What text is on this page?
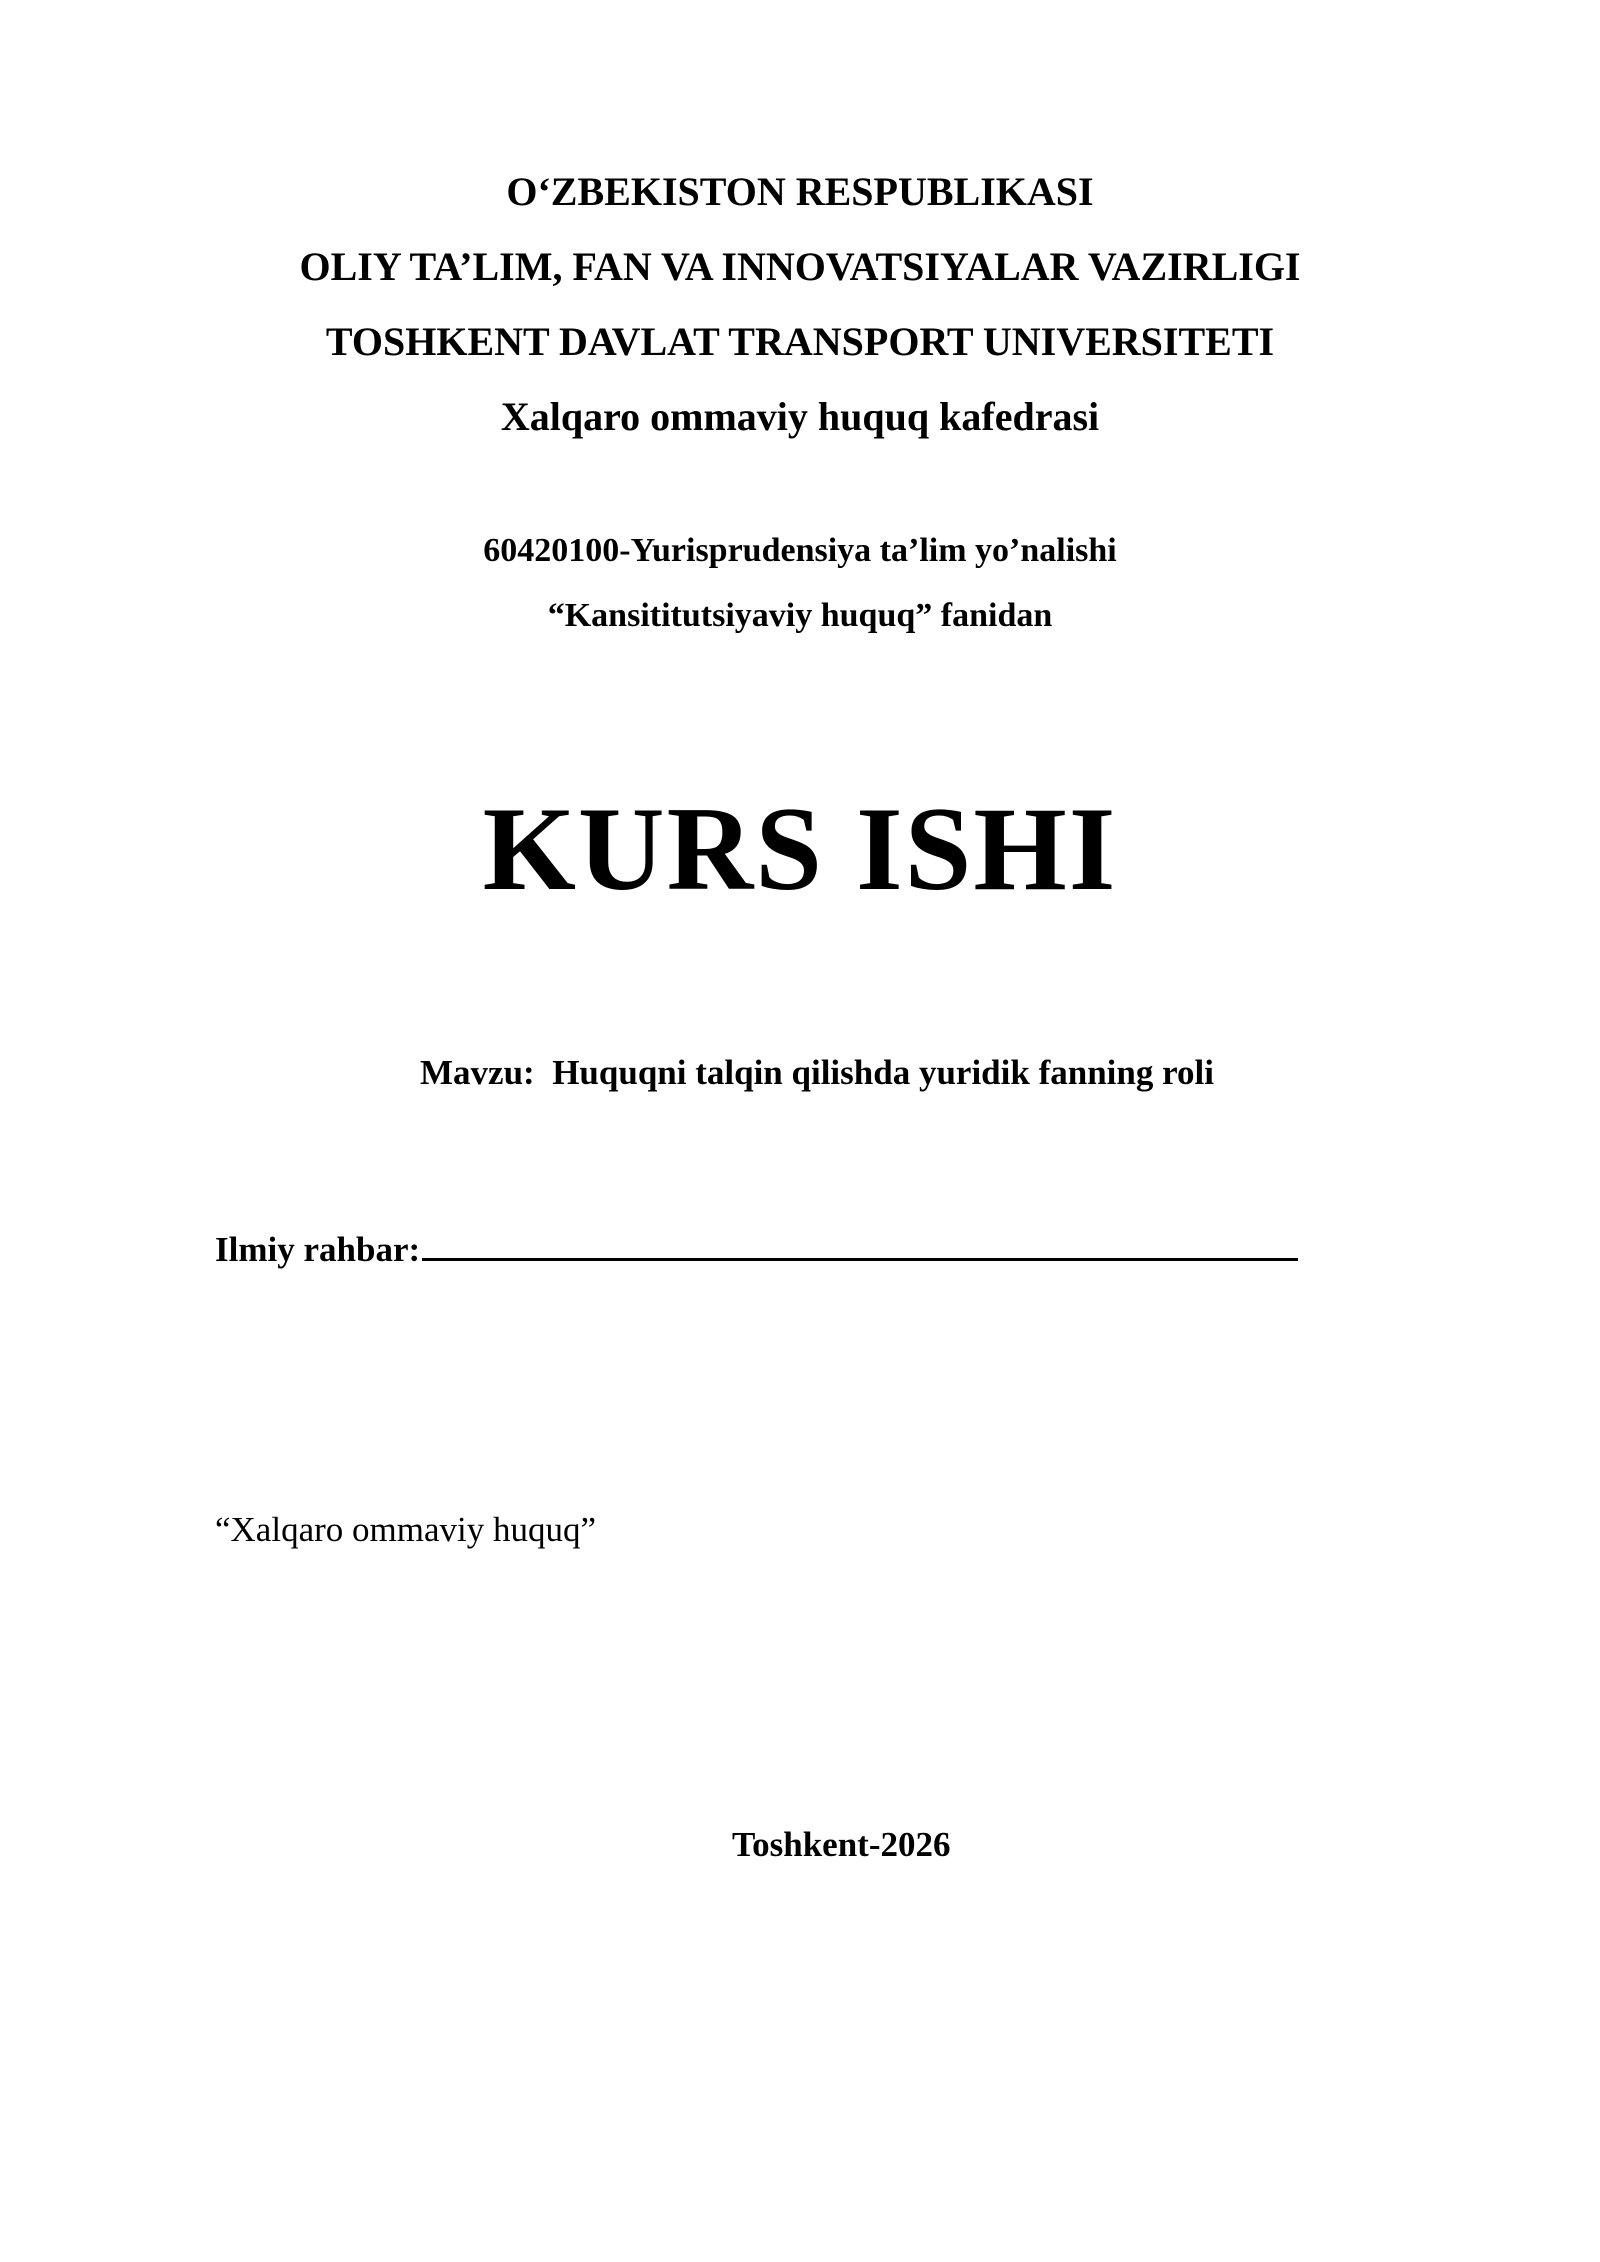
O‘ZBEKISTON RESPUBLIKASI
OLIY TA’LIM, FAN VA INNOVATSIYALAR VAZIRLIGI
TOSHKENT DAVLAT TRANSPORT UNIVERSITETI
Xalqaro ommaviy huquq kafedrasi
60420100-Yurisprudensiya ta’lim yo’nalishi
“Kansititutsiyaviy huquq” fanidan
KURS ISHI
Mavzu: Huquqni talqin qilishda yuridik fanning roli
Ilmiy rahbar:
“Xalqaro ommaviy huquq”
Toshkent-2026
